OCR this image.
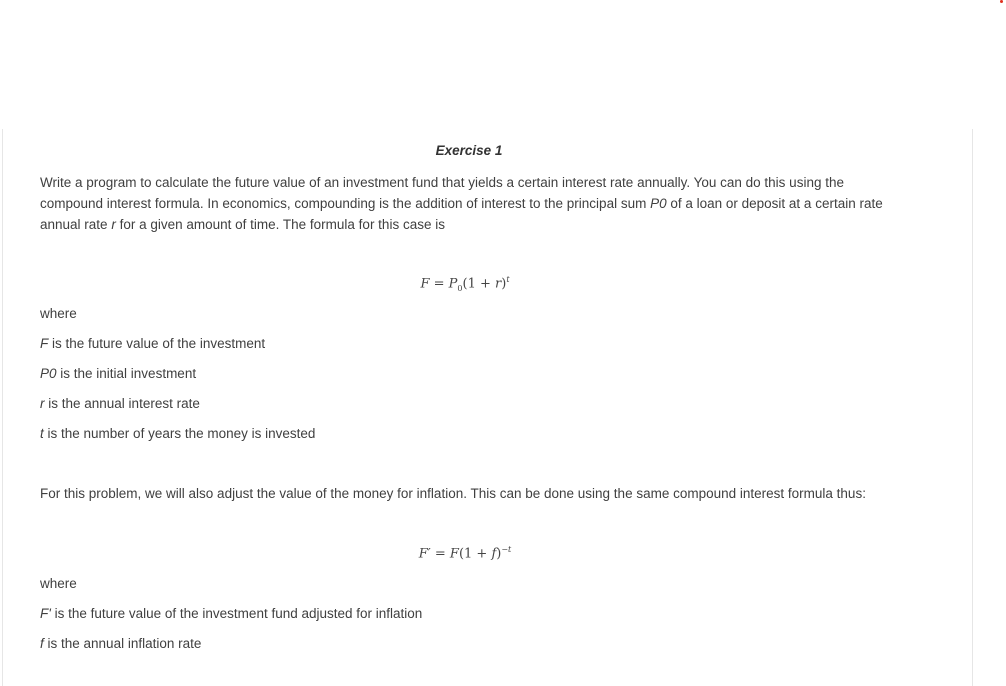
Exercise 1
Write a program to calculate the future value of an investment fund that yields a certain interest rate annually. You can do this using the compound interest formula. In economics, compounding is the addition of interest to the principal sum P0 of a loan or deposit at a certain rate annual rate r for a given amount of time. The formula for this case is
$F = P_0(1 + r)^t$
where
F is the future value of the investment
P0 is the initial investment
r is the annual interest rate
t is the number of years the money is invested
For this problem, we will also adjust the value of the money for inflation. This can be done using the same compound interest formula thus:
$F' = F(1 + f)^{-t}$
where
F' is the future value of the investment fund adjusted for inflation
f is the annual inflation rate
